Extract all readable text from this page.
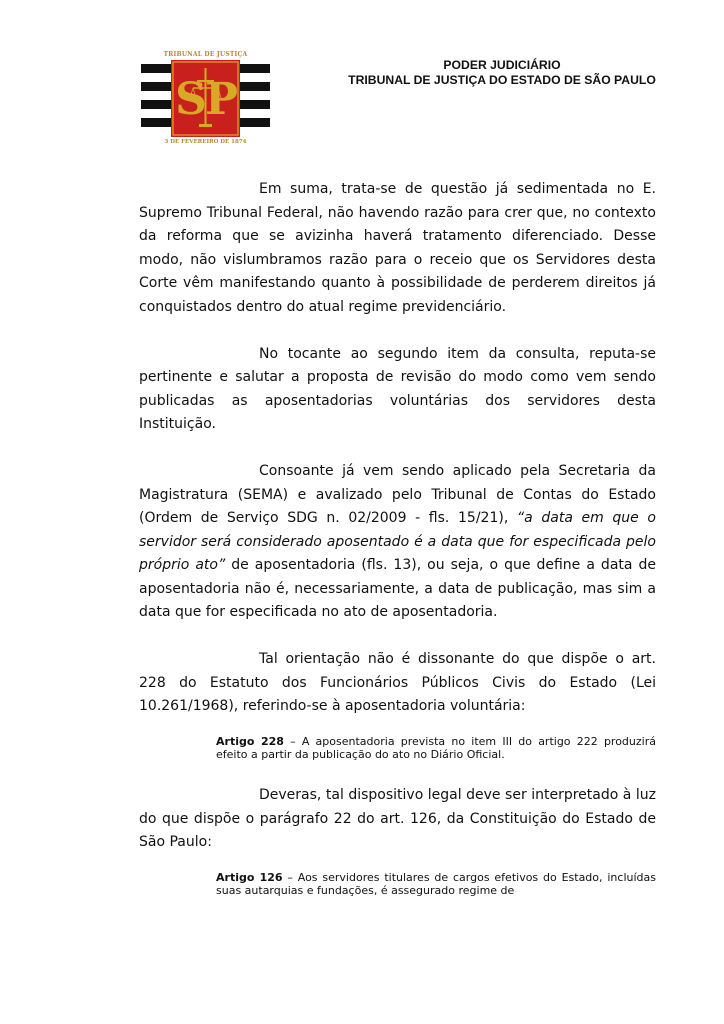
TRIBUNAL DE JUSTIÇA
S
P
3 DE FEVEREIRO DE 1874
PODER JUDICIÁRIO
TRIBUNAL DE JUSTIÇA DO ESTADO DE SÃO PAULO

Em suma, trata-se de questão já sedimentada no E. Supremo Tribunal Federal, não havendo razão para crer que, no contexto da reforma que se avizinha haverá tratamento diferenciado. Desse modo, não vislumbramos razão para o receio que os Servidores desta Corte vêm manifestando quanto à possibilidade de perderem direitos já conquistados dentro do atual regime previdenciário.

No tocante ao segundo item da consulta, reputa-se pertinente e salutar a proposta de revisão do modo como vem sendo publicadas as aposentadorias voluntárias dos servidores desta Instituição.

Consoante já vem sendo aplicado pela Secretaria da Magistratura (SEMA) e avalizado pelo Tribunal de Contas do Estado (Ordem de Serviço SDG n. 02/2009 - fls. 15/21), “a data em que o servidor será considerado aposentado é a data que for especificada pelo próprio ato” de aposentadoria (fls. 13), ou seja, o que define a data de aposentadoria não é, necessariamente, a data de publicação, mas sim a data que for especificada no ato de aposentadoria.

Tal orientação não é dissonante do que dispõe o art. 228 do Estatuto dos Funcionários Públicos Civis do Estado (Lei 10.261/1968), referindo-se à aposentadoria voluntária:

Artigo 228 – A aposentadoria prevista no item III do artigo 222 produzirá efeito a partir da publicação do ato no Diário Oficial.

Deveras, tal dispositivo legal deve ser interpretado à luz do que dispõe o parágrafo 22 do art. 126, da Constituição do Estado de São Paulo:

Artigo 126 – Aos servidores titulares de cargos efetivos do Estado, incluídas suas autarquias e fundações, é assegurado regime de
